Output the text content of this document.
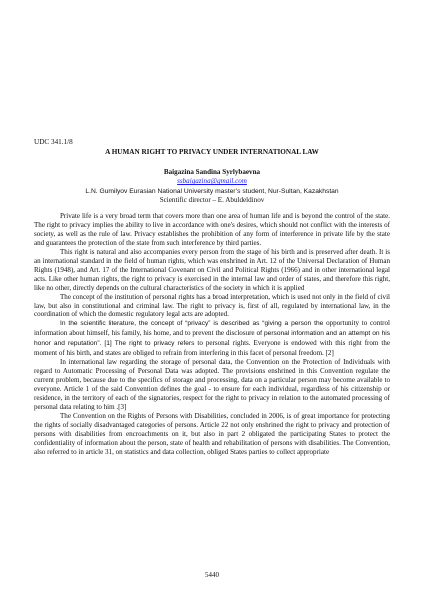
UDC 341.1/8
A HUMAN RIGHT TO PRIVACY UNDER INTERNATIONAL LAW
Baigazina Sandina Syrlybaevna
ssbaigazina@gmail.com
L.N. Gumilyov Eurasian National University master’s student, Nur-Sultan, Kazakhstan
Scientific director – E. Abuldeldinov

Private life is a very broad term that covers more than one area of human life and is beyond the control of the state. The right to privacy implies the ability to live in accordance with one's desires, which should not conflict with the interests of society, as well as the rule of law. Privacy establishes the prohibition of any form of interference in private life by the state and guarantees the protection of the state from such interference by third parties.

This right is natural and also accompanies every person from the stage of his birth and is preserved after death. It is an international standard in the field of human rights, which was enshrined in Art. 12 of the Universal Declaration of Human Rights (1948), and Art. 17 of the International Covenant on Civil and Political Rights (1966) and in other international legal acts. Like other human rights, the right to privacy is exercised in the internal law and order of states, and therefore this right, like no other, directly depends on the cultural characteristics of the society in which it is applied

The concept of the institution of personal rights has a broad interpretation, which is used not only in the field of civil law, but also in constitutional and criminal law. The right to privacy is, first of all, regulated by international law, in the coordination of which the domestic regulatory legal acts are adopted.

In the scientific literature, the concept of “privacy” is described as “giving a person the opportunity to control information about himself, his family, his home, and to prevent the disclosure of personal information and an attempt on his honor and reputation”. [1] The right to privacy refers to personal rights. Everyone is endowed with this right from the moment of his birth, and states are obliged to refrain from interfering in this facet of personal freedom. [2]

In international law regarding the storage of personal data, the Convention on the Protection of Individuals with regard to Automatic Processing of Personal Data was adopted. The provisions enshrined in this Convention regulate the current problem, because due to the specifics of storage and processing, data on a particular person may become available to everyone. Article 1 of the said Convention defines the goal - to ensure for each individual, regardless of his citizenship or residence, in the territory of each of the signatories, respect for the right to privacy in relation to the automated processing of personal data relating to him .[3]

The Convention on the Rights of Persons with Disabilities, concluded in 2006, is of great importance for protecting the rights of socially disadvantaged categories of persons. Article 22 not only enshrined the right to privacy and protection of persons with disabilities from encroachments on it, but also in part 2 obligated the participating States to protect the confidentiality of information about the person, state of health and rehabilitation of persons with disabilities. The Convention, also referred to in article 31, on statistics and data collection, obliged States parties to collect appropriate

5440
